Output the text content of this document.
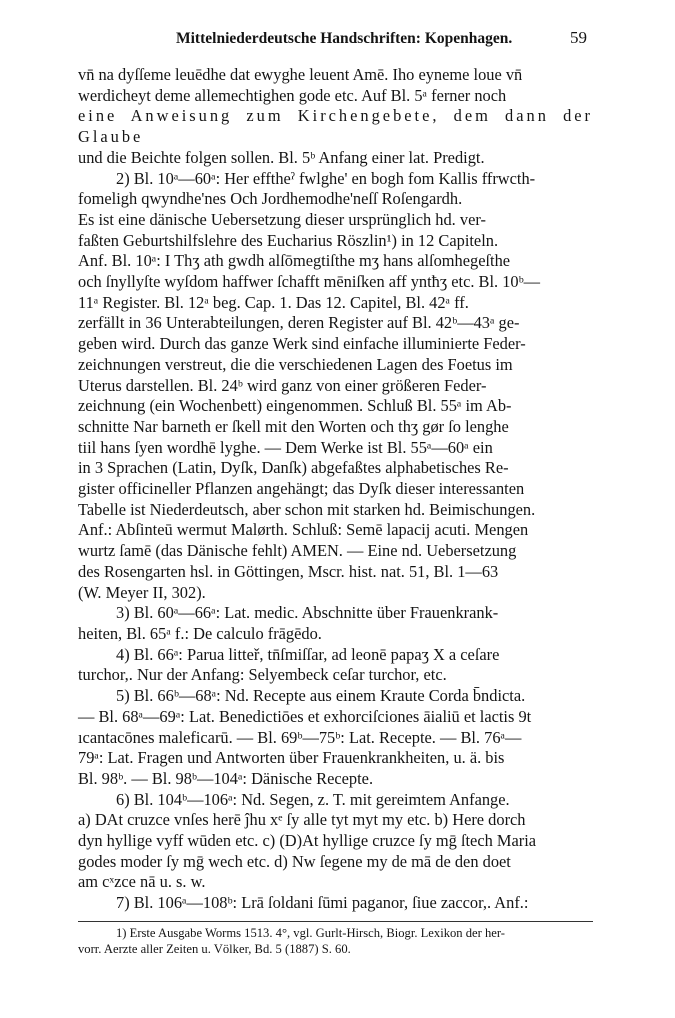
Mittelniederdeutsche Handschriften: Kopenhagen.	59

vn̄ na dyſſeme leuēdhe dat ewyghe leuent Amē. Iho eyneme loue vn̄

werdicheyt deme allemechtighen gode etc. Auf Bl. 5ᵃ ferner noch

eine Anweisung zum Kirchengebete, dem dann der Glaube

und die Beichte folgen sollen. Bl. 5ᵇ Anfang einer lat. Predigt.

2) Bl. 10ᵃ—60ᵃ: Her efftheˀ fwlghe' en bogh fom Kallis ffrwcth-

fomeligh qwyndhe'nes Och Jordhemodhe'neſſ Roſengardh.

Es ist eine dänische Uebersetzung dieser ursprünglich hd. ver-

faßten Geburtshilfslehre des Eucharius Röszlin¹) in 12 Capiteln.

Anf. Bl. 10ᵃ: I Thʒ ath gwdh alſōmegtiſthe mʒ hans alſomhegeſthe

och ſnyllyſte wyſdom haffwer ſchafft mēniſken aff yntħʒ etc. Bl. 10ᵇ—

11ᵃ Register. Bl. 12ᵃ beg. Cap. 1. Das 12. Capitel, Bl. 42ᵃ ff.

zerfällt in 36 Unterabteilungen, deren Register auf Bl. 42ᵇ—43ᵃ ge-

geben wird. Durch das ganze Werk sind einfache illuminierte Feder-

zeichnungen verstreut, die die verschiedenen Lagen des Foetus im

Uterus darstellen. Bl. 24ᵇ wird ganz von einer größeren Feder-

zeichnung (ein Wochenbett) eingenommen. Schluß Bl. 55ᵃ im Ab-

schnitte Nar barneth er ſkell mit den Worten och thʒ gør ſo lenghe

tiil hans ſyen wordhē lyghe. — Dem Werke ist Bl. 55ᵃ—60ᵃ ein

in 3 Sprachen (Latin, Dyſk, Danſk) abgefaßtes alphabetisches Re-

gister officineller Pflanzen angehängt; das Dyſk dieser interessanten

Tabelle ist Niederdeutsch, aber schon mit starken hd. Beimischungen.

Anf.: Abſinteū wermut Malørth. Schluß: Semē lapacij acuti. Mengen

wurtz ſamē (das Dänische fehlt) AMEN. — Eine nd. Uebersetzung

des Rosengarten hsl. in Göttingen, Mscr. hist. nat. 51, Bl. 1—63

(W. Meyer II, 302).

3) Bl. 60ᵃ—66ᵃ: Lat. medic. Abschnitte über Frauenkrank-

heiten, Bl. 65ᵃ f.: De calculo frāgēdo.

4) Bl. 66ᵃ: Parua litteř, tn̄ſmiſſar, ad leonē papaʒ X a ceſare

turchor,. Nur der Anfang: Selyembeck ceſar turchor, etc.

5) Bl. 66ᵇ—68ᵃ: Nd. Recepte aus einem Kraute Corda b̄ndicta.

— Bl. 68ᵃ—69ᵃ: Lat. Benedictiōes et exhorciſciones āialiū et lactis 9t

ıcantacōnes maleficarū. — Bl. 69ᵇ—75ᵇ: Lat. Recepte. — Bl. 76ᵃ—

79ᵃ: Lat. Fragen und Antworten über Frauenkrankheiten, u. ä. bis

Bl. 98ᵇ. — Bl. 98ᵇ—104ᵃ: Dänische Recepte.

6) Bl. 104ᵇ—106ᵃ: Nd. Segen, z. T. mit gereimtem Anfange.

a) DAt cruzce vnſes herē ĵhu xᵉ ſy alle tyt myt my etc. b) Here dorch

dyn hyllige vyff wūden etc. c) (D)At hyllige cruzce ſy mḡ ſtech Maria

godes moder ſy mḡ wech etc. d) Nw ſegene my de mā de den doet

am cˣzce nā u. s. w.

7) Bl. 106ᵃ—108ᵇ: Lrā ſoldani ſūmi paganor, ſiue zaccor,. Anf.:

1) Erste Ausgabe Worms 1513. 4°, vgl. Gurlt-Hirsch, Biogr. Lexikon der her-

vorr. Aerzte aller Zeiten u. Völker, Bd. 5 (1887) S. 60.
